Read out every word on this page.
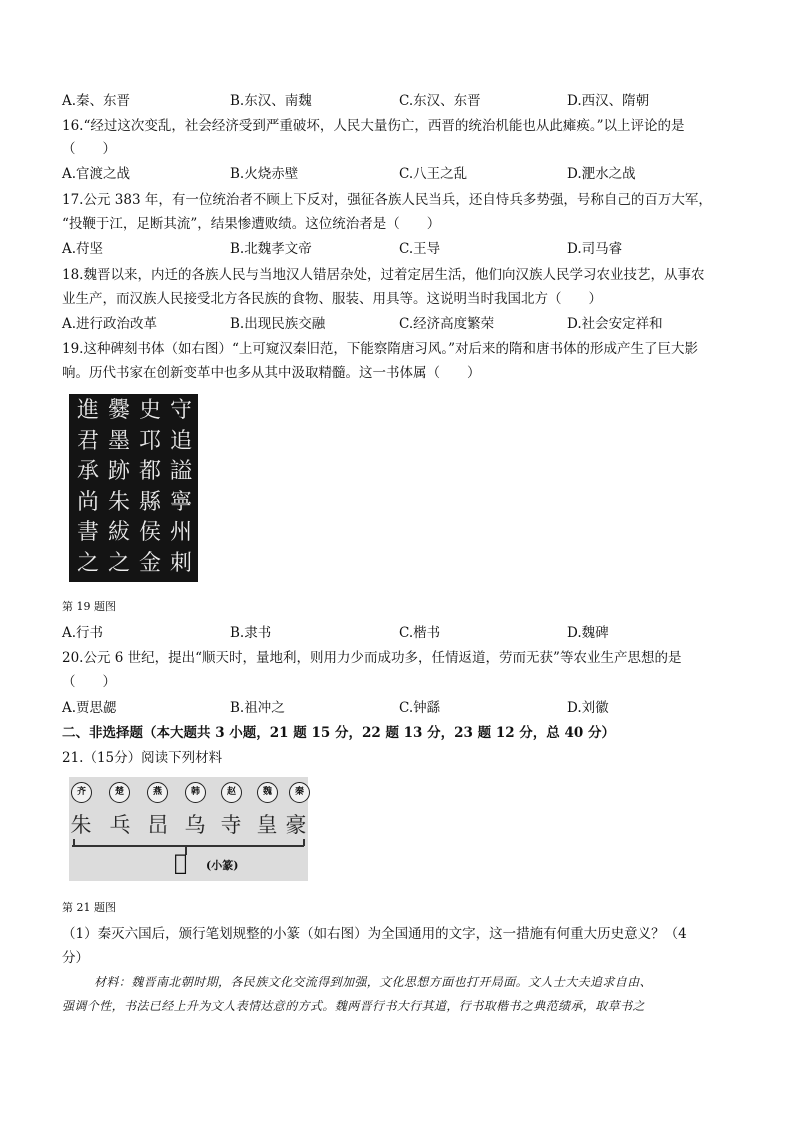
A.秦、东晋	B.东汉、南魏	C.东汉、东晋	D.西汉、隋朝
16.“经过这次变乱，社会经济受到严重破坏，人民大量伤亡，西晋的统治机能也从此瘫痪。”以上评论的是
（　　）
A.官渡之战	B.火烧赤壁	C.八王之乱	D.淝水之战
17.公元 383 年，有一位统治者不顾上下反对，强征各族人民当兵，还自恃兵多势强，号称自己的百万大军，
“投鞭于江，足断其流”，结果惨遭败绩。这位统治者是（　　）
A.苻坚	B.北魏孝文帝	C.王导	D.司马睿
18.魏晋以来，内迁的各族人民与当地汉人错居杂处，过着定居生活，他们向汉族人民学习农业技艺，从事农
业生产，而汉族人民接受北方各民族的食物、服装、用具等。这说明当时我国北方（　　）
A.进行政治改革	B.出现民族交融	C.经济高度繁荣	D.社会安定祥和
19.这种碑刻书体（如右图）“上可窥汉秦旧范，下能察隋唐习风。”对后来的隋和唐书体的形成产生了巨大影
响。历代书家在创新变革中也多从其中汲取精髓。这一书体属（　　）
守
追
謚
寧
州
刺
史
邛
都
縣
侯
金
爨
墨
跡
朱
紱
之
進
君
承
尚
書
之
第 19 题图
A.行书	B.隶书	C.楷书	D.魏碑
20.公元 6 世纪，提出“顺天时，量地利，则用力少而成功多，任情返道，劳而无获”等农业生产思想的是
（　　）
A.贾思勰	B.祖冲之	C.钟繇	D.刘徽
二、非选择题（本大题共 3 小题，21 题 15 分，22 题 13 分，23 题 12 分，总 40 分）
21.（15分）阅读下列材料
齐	楚	燕	韩	赵	魏	秦
朱 乓 旵 乌 寺 皇 豪
𢒯 (小篆)
第 21 题图
（1）秦灭六国后，颁行笔划规整的小篆（如右图）为全国通用的文字，这一措施有何重大历史意义？（4
分）
材料：魏晋南北朝时期，各民族文化交流得到加强，文化思想方面也打开局面。文人士大夫追求自由、
强调个性，书法已经上升为文人表情达意的方式。魏两晋行书大行其道，行书取楷书之典范绩承，取草书之
